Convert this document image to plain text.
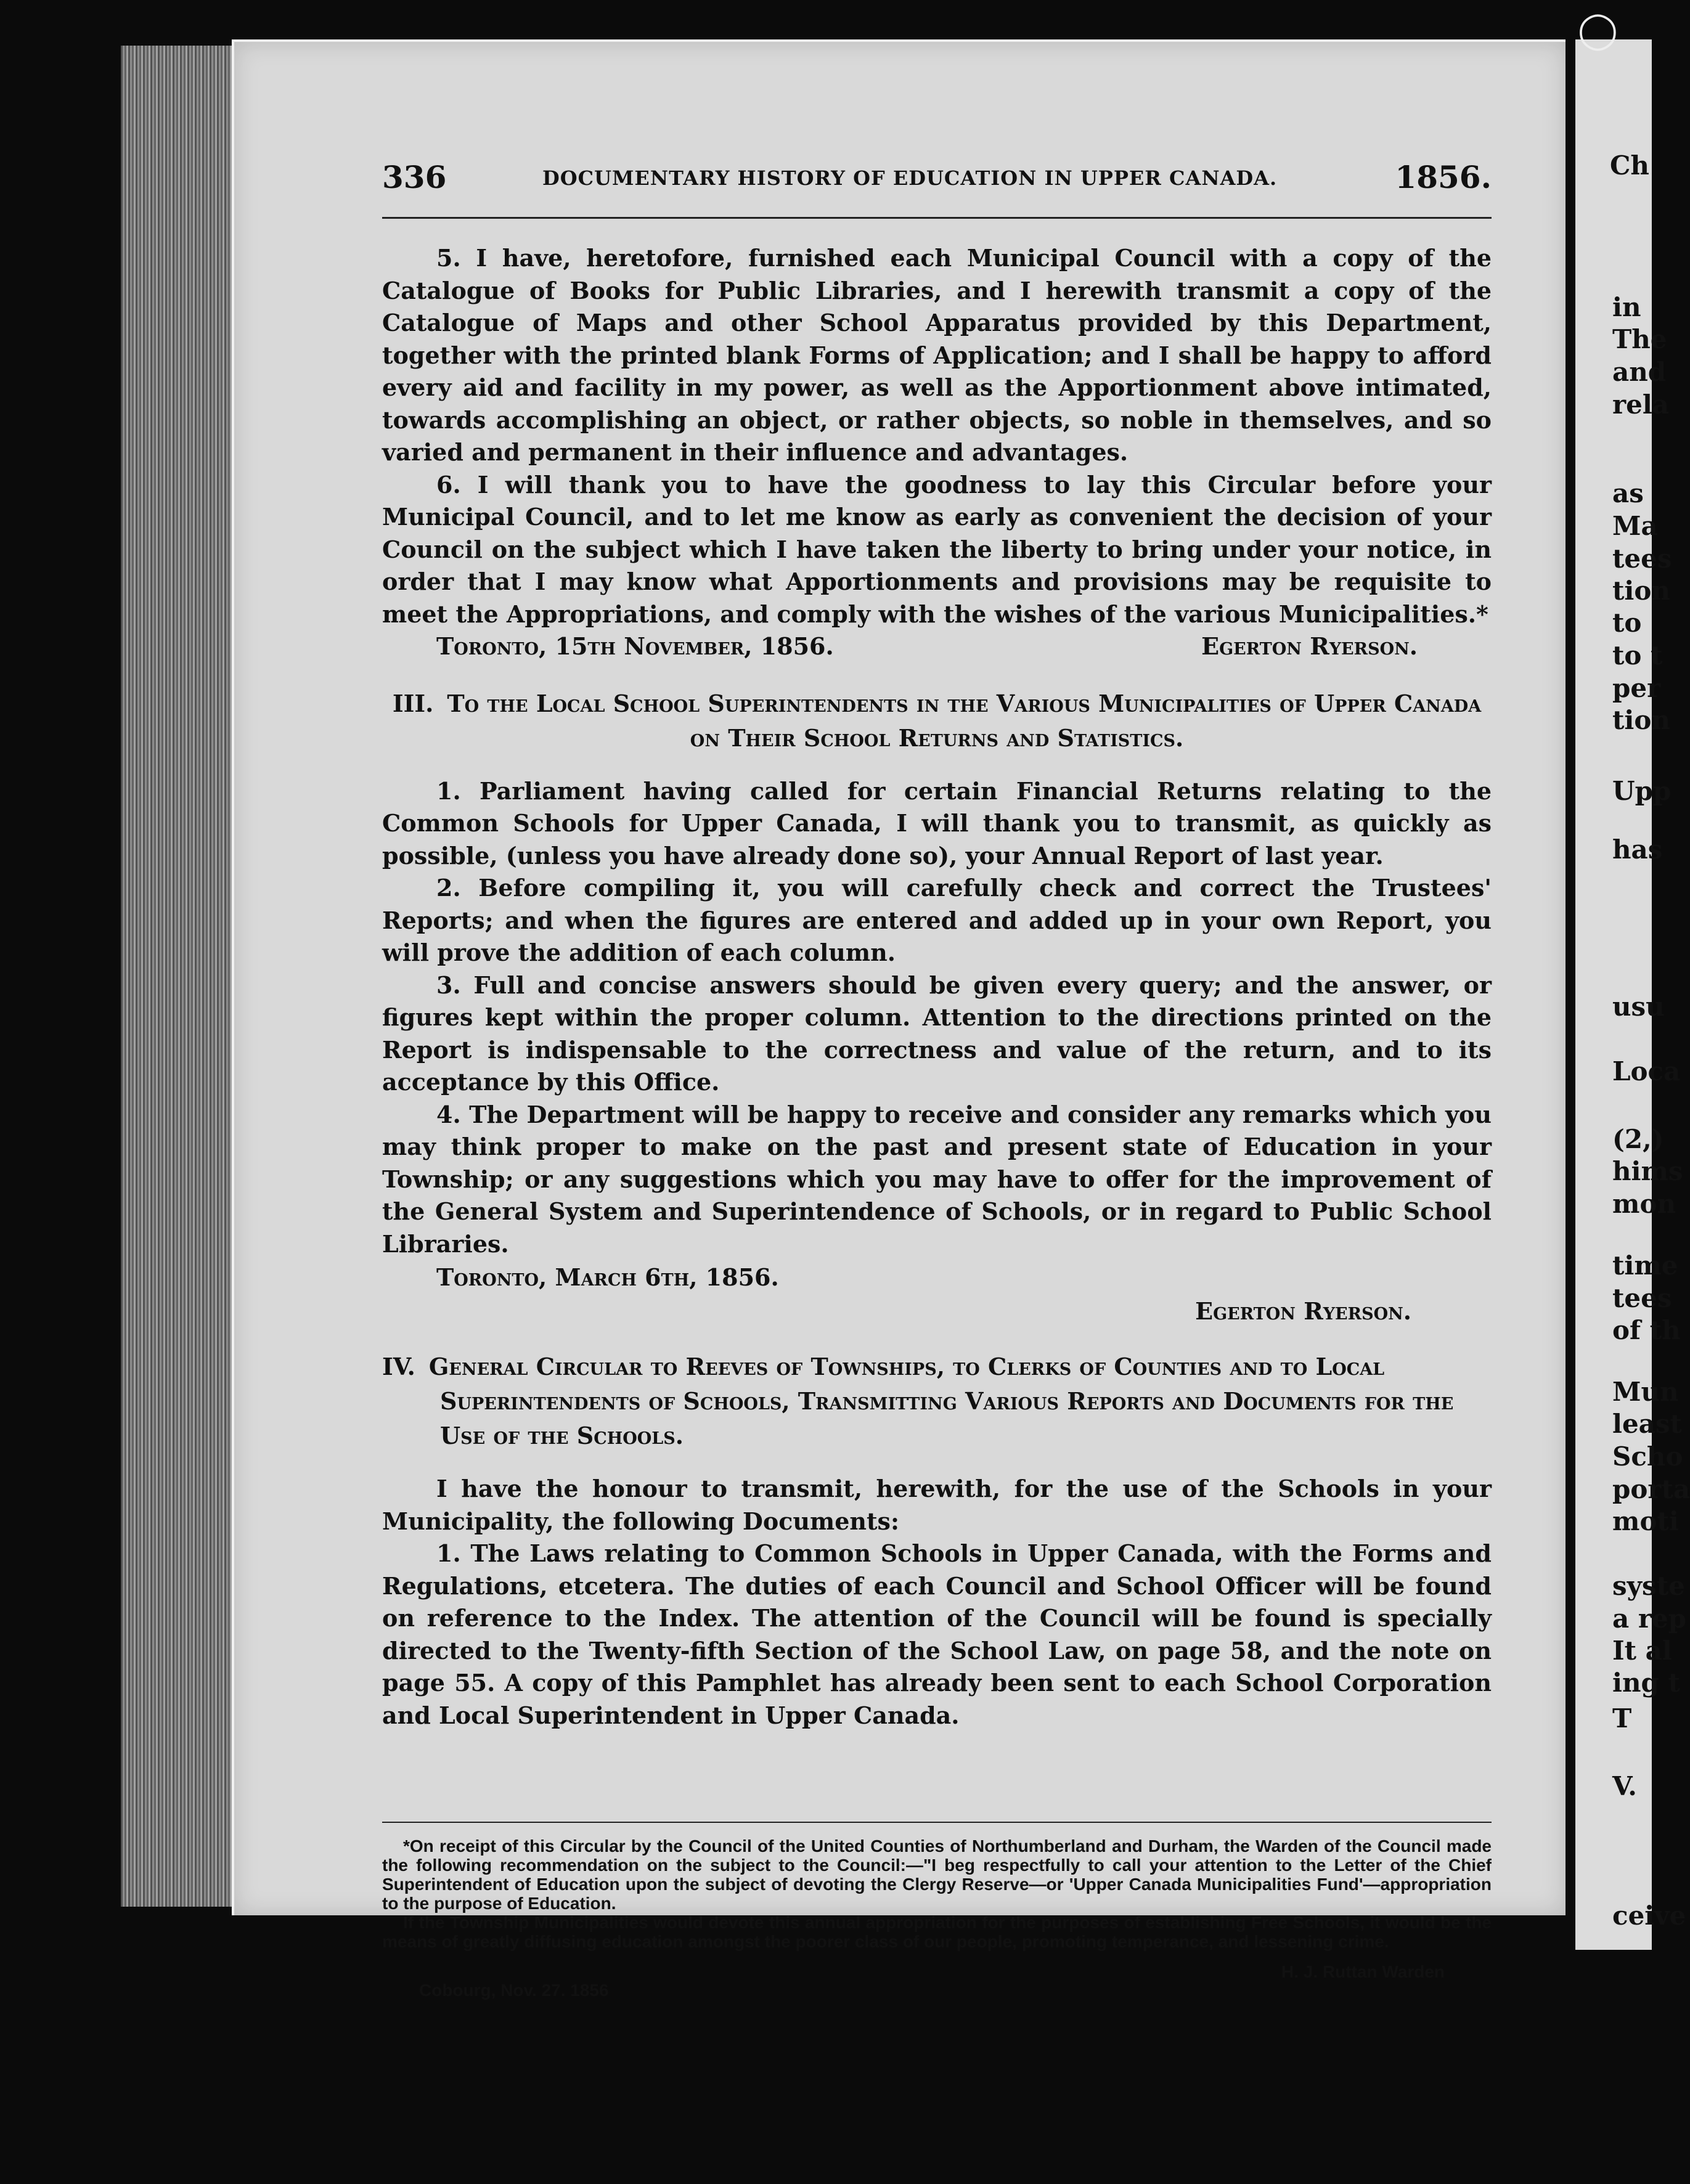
336	DOCUMENTARY HISTORY OF EDUCATION IN UPPER CANADA.	1856.

5. I have, heretofore, furnished each Municipal Council with a copy of the Catalogue of Books for Public Libraries, and I herewith transmit a copy of the Catalogue of Maps and other School Apparatus provided by this Department, together with the printed blank Forms of Application; and I shall be happy to afford every aid and facility in my power, as well as the Apportionment above intimated, towards accomplishing an object, or rather objects, so noble in themselves, and so varied and permanent in their influence and advantages.

6. I will thank you to have the goodness to lay this Circular before your Municipal Council, and to let me know as early as convenient the decision of your Council on the subject which I have taken the liberty to bring under your notice, in order that I may know what Apportionments and provisions may be requisite to meet the Appropriations, and comply with the wishes of the various Municipalities.*

Toronto, 15th November, 1856.	Egerton Ryerson.
III. To the Local School Superintendents in the Various Municipalities of Upper Canada on Their School Returns and Statistics.

1. Parliament having called for certain Financial Returns relating to the Common Schools for Upper Canada, I will thank you to transmit, as quickly as possible, (unless you have already done so), your Annual Report of last year.

2. Before compiling it, you will carefully check and correct the Trustees' Reports; and when the figures are entered and added up in your own Report, you will prove the addition of each column.

3. Full and concise answers should be given every query; and the answer, or figures kept within the proper column. Attention to the directions printed on the Report is indispensable to the correctness and value of the return, and to its acceptance by this Office.

4. The Department will be happy to receive and consider any remarks which you may think proper to make on the past and present state of Education in your Township; or any suggestions which you may have to offer for the improvement of the General System and Superintendence of Schools, or in regard to Public School Libraries.

Toronto, March 6th, 1856.
Egerton Ryerson.
IV. General Circular to Reeves of Townships, to Clerks of Counties and to Local Superintendents of Schools, Transmitting Various Reports and Documents for the Use of the Schools.

I have the honour to transmit, herewith, for the use of the Schools in your Municipality, the following Documents:

1. The Laws relating to Common Schools in Upper Canada, with the Forms and Regulations, etcetera. The duties of each Council and School Officer will be found on reference to the Index. The attention of the Council will be found is specially directed to the Twenty-fifth Section of the School Law, on page 58, and the note on page 55. A copy of this Pamphlet has already been sent to each School Corporation and Local Superintendent in Upper Canada.

*On receipt of this Circular by the Council of the United Counties of Northumberland and Durham, the Warden of the Council made the following recommendation on the subject to the Council:—"I beg respectfully to call your attention to the Letter of the Chief Superintendent of Education upon the subject of devoting the Clergy Reserve—or 'Upper Canada Municipalities Fund'—appropriation to the purpose of Education.

If the Township Municipalities would devote this annual appropriation for the purposes of establishing Free Schools, it would be the means of greatly diffusing education amongst the poorer class of our people, promoting temperance, and lessening crime.

Cobourg, Nov. 27. 1856
H. J. Ruttan Warden
Ch
in
The
and
rela
as
Ma
tees
tion
to
to t
per
tion
Upp
has
usu
Loca
(2,)
hims
mon
time
tees
of th
Mun
least
Scho
porta
moti
syste
a rep
It al
ing t
T
V.
ceive
◯
